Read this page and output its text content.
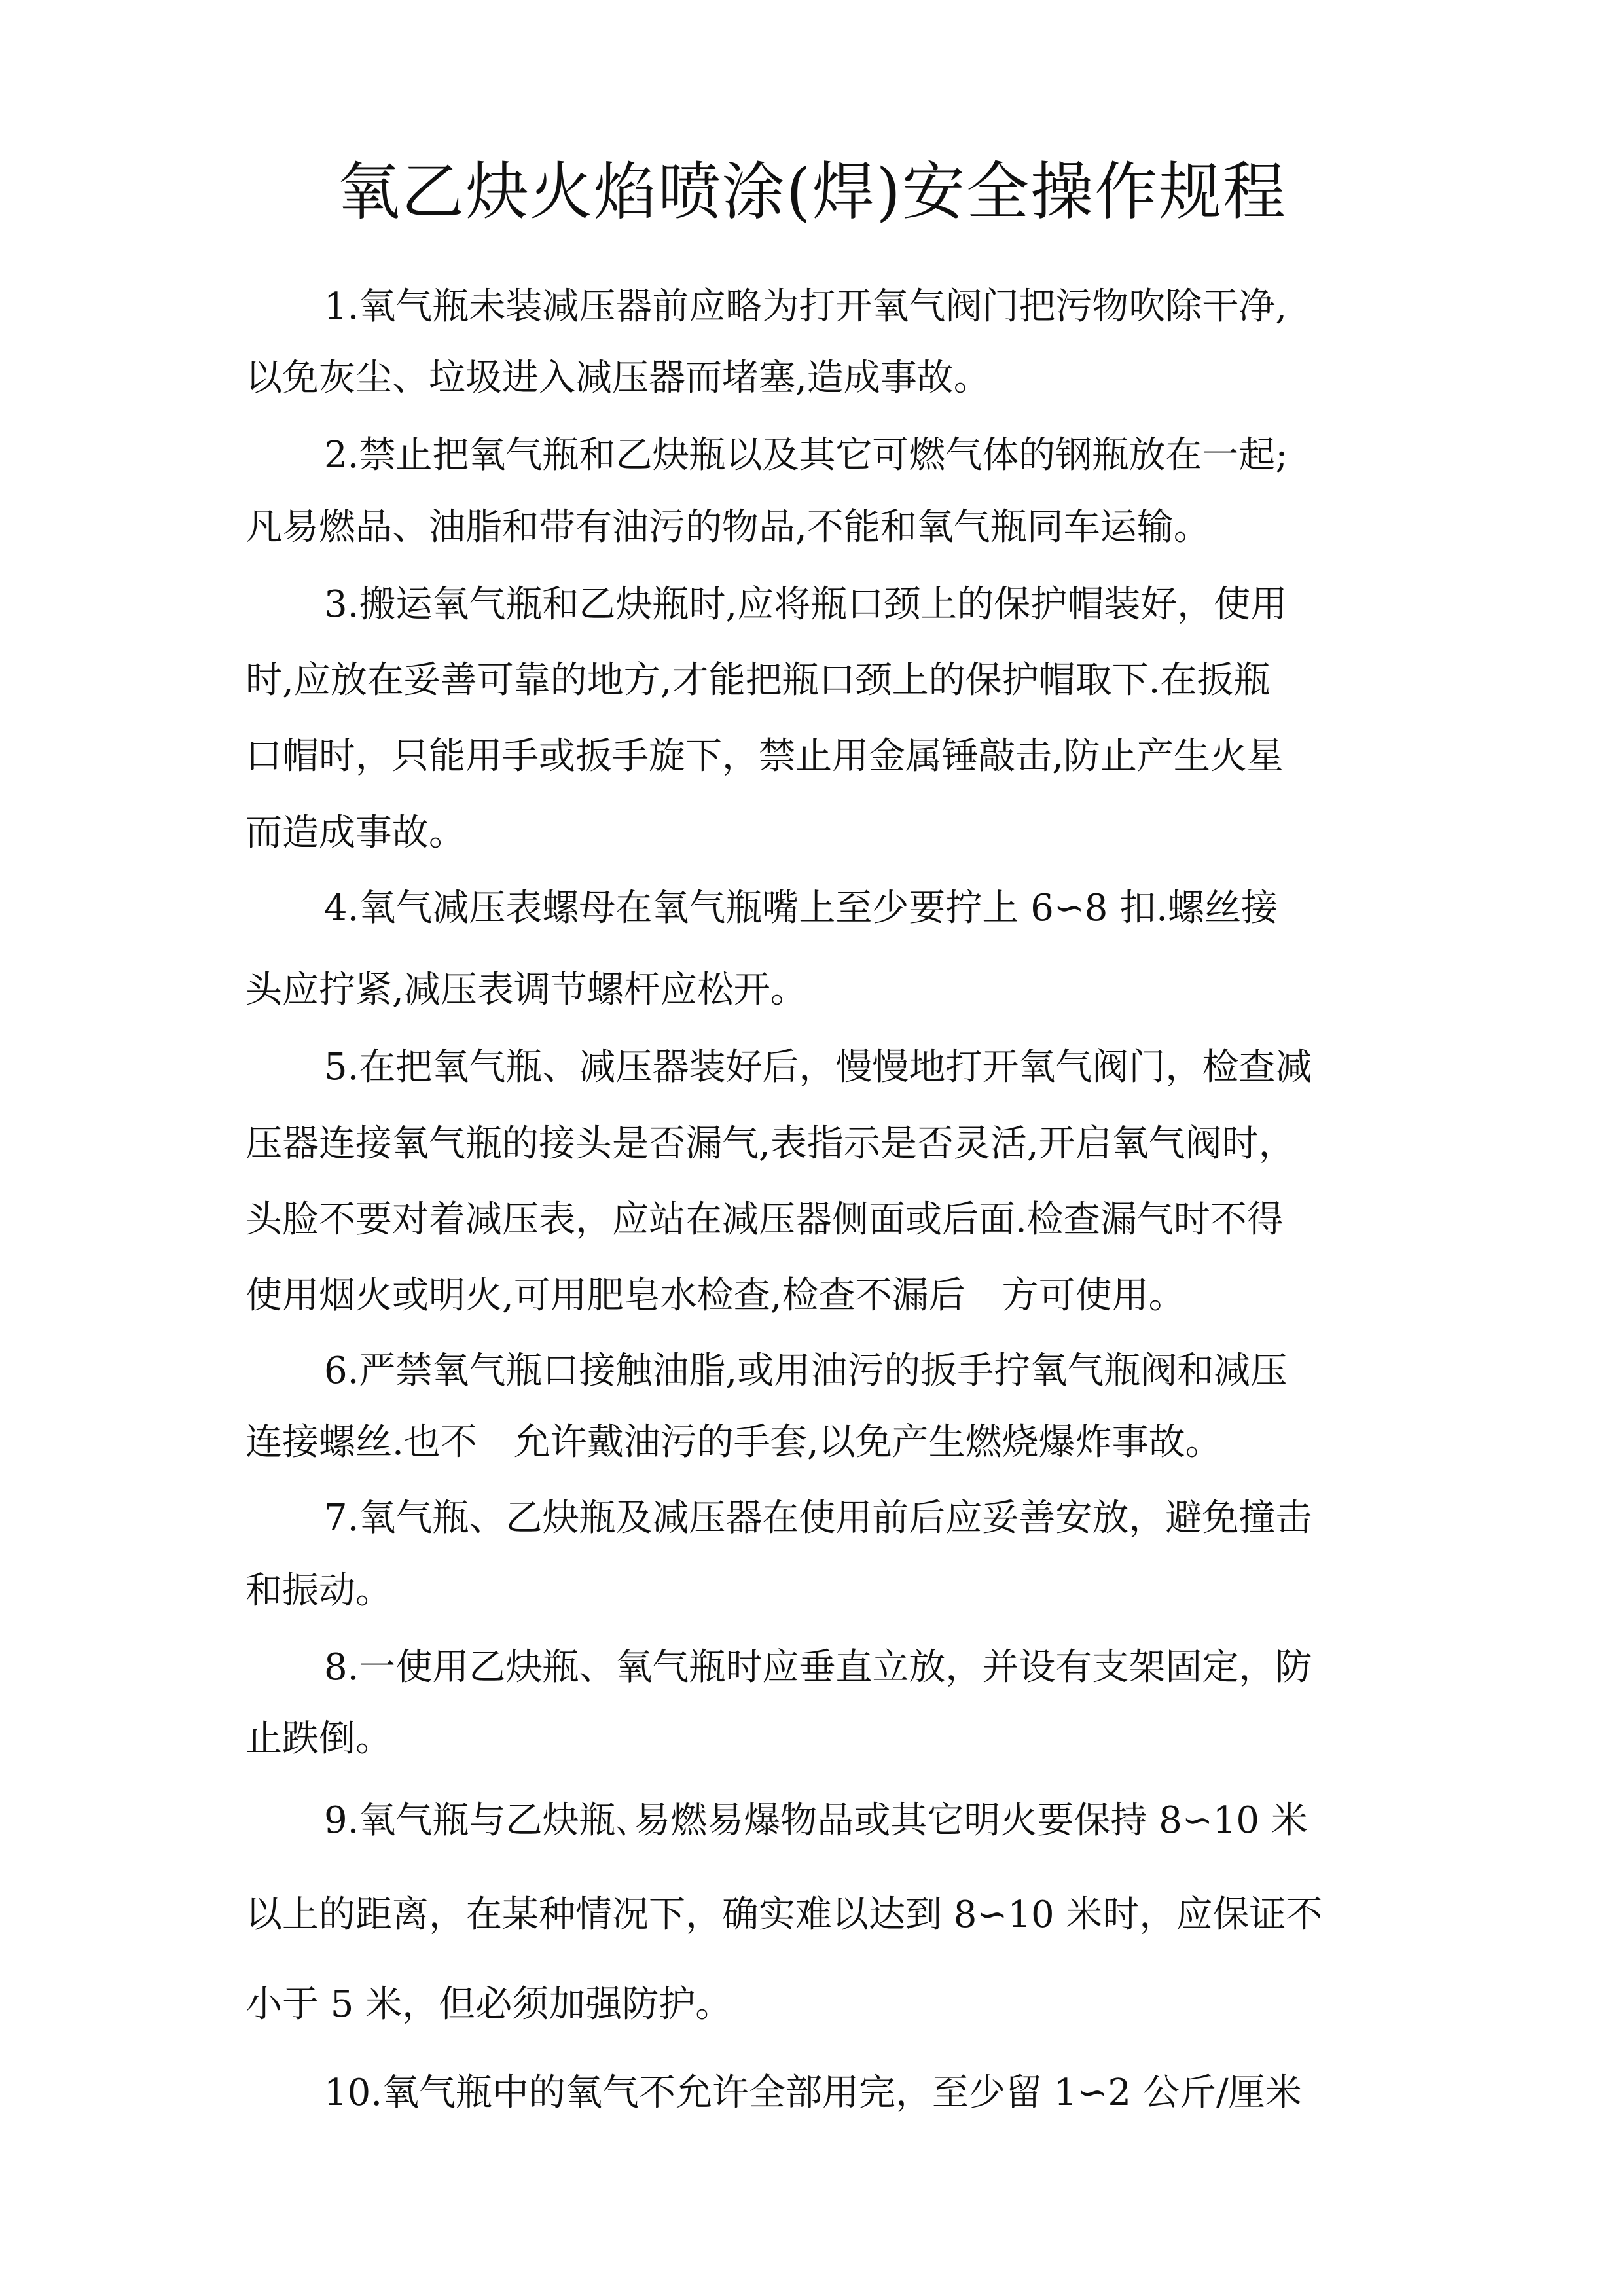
氧乙炔火焰喷涂(焊)安全操作规程
1.氧气瓶未装减压器前应略为打开氧气阀门把污物吹除干净,
以免灰尘、垃圾进入减压器而堵塞,造成事故。
2.禁止把氧气瓶和乙炔瓶以及其它可燃气体的钢瓶放在一起;
凡易燃品、油脂和带有油污的物品,不能和氧气瓶同车运输。
3.搬运氧气瓶和乙炔瓶时,应将瓶口颈上的保护帽装好，使用
时,应放在妥善可靠的地方,才能把瓶口颈上的保护帽取下.在扳瓶
口帽时，只能用手或扳手旋下，禁止用金属锤敲击,防止产生火星
而造成事故。
4.氧气减压表螺母在氧气瓶嘴上至少要拧上 6∽8 扣.螺丝接
头应拧紧,减压表调节螺杆应松开。
5.在把氧气瓶、减压器装好后，慢慢地打开氧气阀门，检查减
压器连接氧气瓶的接头是否漏气,表指示是否灵活,开启氧气阀时，
头脸不要对着减压表，应站在减压器侧面或后面.检查漏气时不得
使用烟火或明火,可用肥皂水检查,检查不漏后　方可使用。
6.严禁氧气瓶口接触油脂,或用油污的扳手拧氧气瓶阀和减压
连接螺丝.也不　允许戴油污的手套,以免产生燃烧爆炸事故。
7.氧气瓶、乙炔瓶及减压器在使用前后应妥善安放，避免撞击
和振动。
8.一使用乙炔瓶、氧气瓶时应垂直立放，并设有支架固定，防
止跌倒。
9.氧气瓶与乙炔瓶､易燃易爆物品或其它明火要保持 8∽10 米
以上的距离，在某种情况下，确实难以达到 8∽10 米时，应保证不
小于 5 米，但必须加强防护。
10.氧气瓶中的氧气不允许全部用完，至少留 1∽2 公斤/厘米
